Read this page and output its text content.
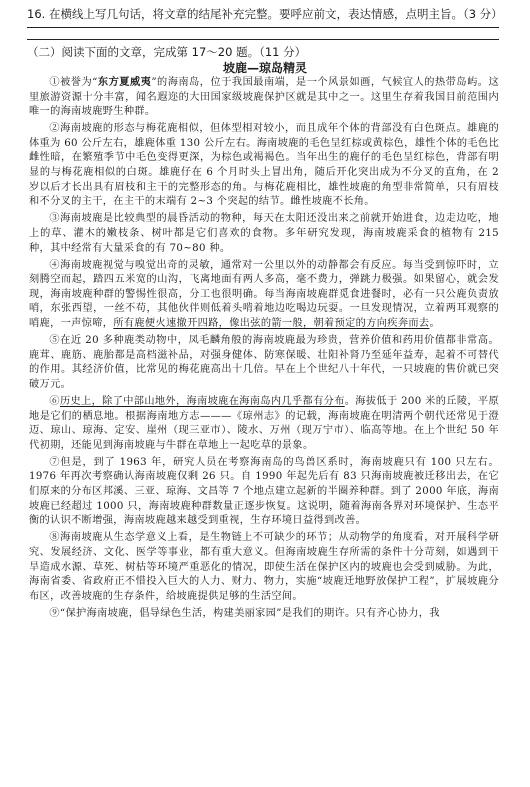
16. 在横线上写几句话，将文章的结尾补充完整。要呼应前文，表达情感，点明主旨。（3 分）
（二）阅读下面的文章，完成第 17～20 题。（11 分）
坡鹿—琼岛精灵

①被誉为“东方夏威夷”的海南岛，位于我国最南端，是一个风景如画，气候宜人的热带岛屿。这里旅游资源十分丰富，闻名遐迩的大田国家级坡鹿保护区就是其中之一。这里生存着我国目前范围内唯一的海南坡鹿野生种群。

②海南坡鹿的形态与梅花鹿相似，但体型相对较小，而且成年个体的背部没有白色斑点。雄鹿的体重为 60 公斤左右，雄鹿体重 130 公斤左右。海南坡鹿的毛色呈红棕或黄棕色，雄性个体的毛色比雌性暗，在繁殖季节中毛色变得更深，为棕色或褐褐色。当年出生的鹿仔的毛色呈红棕色，背部有明显的与梅花鹿相似的白斑。雄鹿仔在 6 个月时头上冒出角，随后开化突出成为不分叉的直角，在 2 岁以后才长出具有眉枝和主干的完整形态的角。与梅花鹿相比，雄性坡鹿的角型非常简单，只有眉枝和不分叉的主干，在主干的末端有 2~3 个突起的结节。雌性坡鹿不长角。

③海南坡鹿是比较典型的晨昏活动的物种，每天在太阳还没出来之前就开始进食，边走边吃，地上的草、灌木的嫩枝条、树叶都是它们喜欢的食物。多年研究发现，海南坡鹿采食的植物有 215 种，其中经常有大量采食的有 70~80 种。

④海南坡鹿视觉与嗅觉出奇的灵敏，通常对一公里以外的动静都会有反应。每当受到惊吓时，立刻腾空而起，踏四五米宽的山沟，飞离地面有两人多高，毫不费力，弹跳力极强。如果留心，就会发现，海南坡鹿种群的警惕性很高，分工也很明确。每当海南坡鹿群觅食进餐时，必有一只公鹿负责放哨，东张西望，一丝不苟，其他伙伴则低着头啃着地边吃喝边玩耍。一旦发现情况，立着两耳观察的哨鹿，一声惊啼，所有鹿便火速撤开四路，像出弦的箭一般，朝着预定的方向疾奔而去。

⑤在近 20 多种鹿类动物中，凤毛麟角般的海南坡鹿最为珍贵，营养价值和药用价值都非常高。鹿茸、鹿筋、鹿胎都是高档滋补品，对强身健体、防寒保暖、壮阳补肾乃至延年益寿，起着不可替代的作用。其经济价值，比常见的梅花鹿高出十几倍。早在上个世纪八十年代，一只坡鹿的售价就已突破万元。

⑥历史上，除了中部山地外，海南坡鹿在海南岛内几乎都有分布。海拔低于 200 米的丘陵，平原地是它们的栖息地。根据海南地方志———《琼州志》的记载，海南坡鹿在明清两个朝代还常见于澄迈、琼山、琼海、定安、崖州（现三亚市）、陵水、万州（现万宁市）、临高等地。在上个世纪 50 年代初期，还能见到海南坡鹿与牛群在草地上一起吃草的景象。

⑦但是，到了 1963 年，研究人员在考察海南岛的鸟兽区系时，海南坡鹿只有 100 只左右。1976 年再次考察确认海南坡鹿仅剩 26 只。自 1990 年起先后有 83 只海南坡鹿被迁移出去，在它们原来的分布区邦溪、三亚、琼海、文昌等 7 个地点建立起新的半圈养种群。到了 2000 年底，海南坡鹿已经超过 1000 只，海南坡鹿种群数量正逐步恢复。这说明，随着海南各界对环境保护、生态平衡的认识不断增强，海南坡鹿越来越受到重视，生存环境日益得到改善。

⑧海南坡鹿从生态学意义上看，是生物链上不可缺少的环节；从动物学的角度看，对开展科学研究、发展经济、文化、医学等事业，都有重大意义。但海南坡鹿生存所需的条件十分苛刻，如遇到干旱造成水源、草死、树枯等环境严重恶化的情况，即使生活在保护区内的坡鹿也会受到威胁。为此，海南省委、省政府正不惜投入巨大的人力、财力、物力，实施“坡鹿迁地野放保护工程”，扩展坡鹿分布区，改善坡鹿的生存条件，给坡鹿提供足够的生活空间。

⑨“保护海南坡鹿，倡导绿色生活，构建美丽家园”是我们的期许。只有齐心协力，我
